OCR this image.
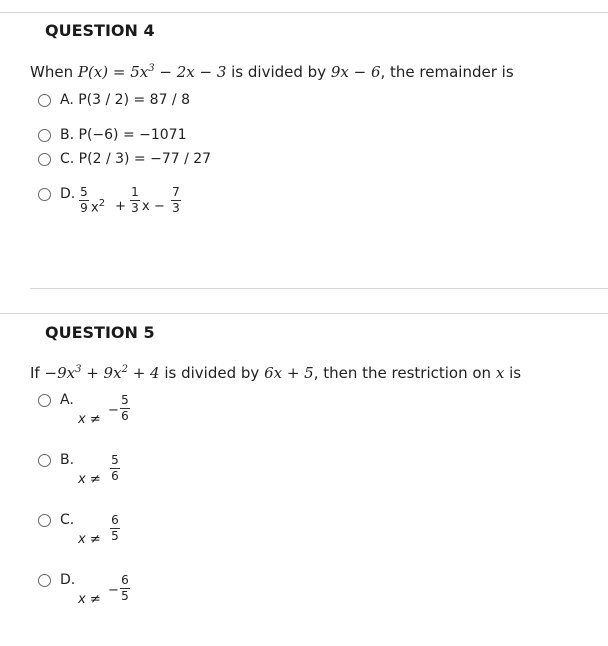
QUESTION 4
When $P(x) = 5x^3 - 2x - 3$ is divided by 9x − 6, the remainder is
A. P(3 / 2) = 87 / 8
B. P(−6) = −1071
C. P(2 / 3) = −77 / 27
D. 5
9 $x^2$ +
1
3 x −
7
3
QUESTION 5
$If -9x^3 + 9x^2 + 4$ is divided by 6x + 5, then the restriction on x is
A.
x ≠
−
5
6
B.
x ≠
5
6
C.
x ≠
6
5
D.
x ≠
−
6
5
